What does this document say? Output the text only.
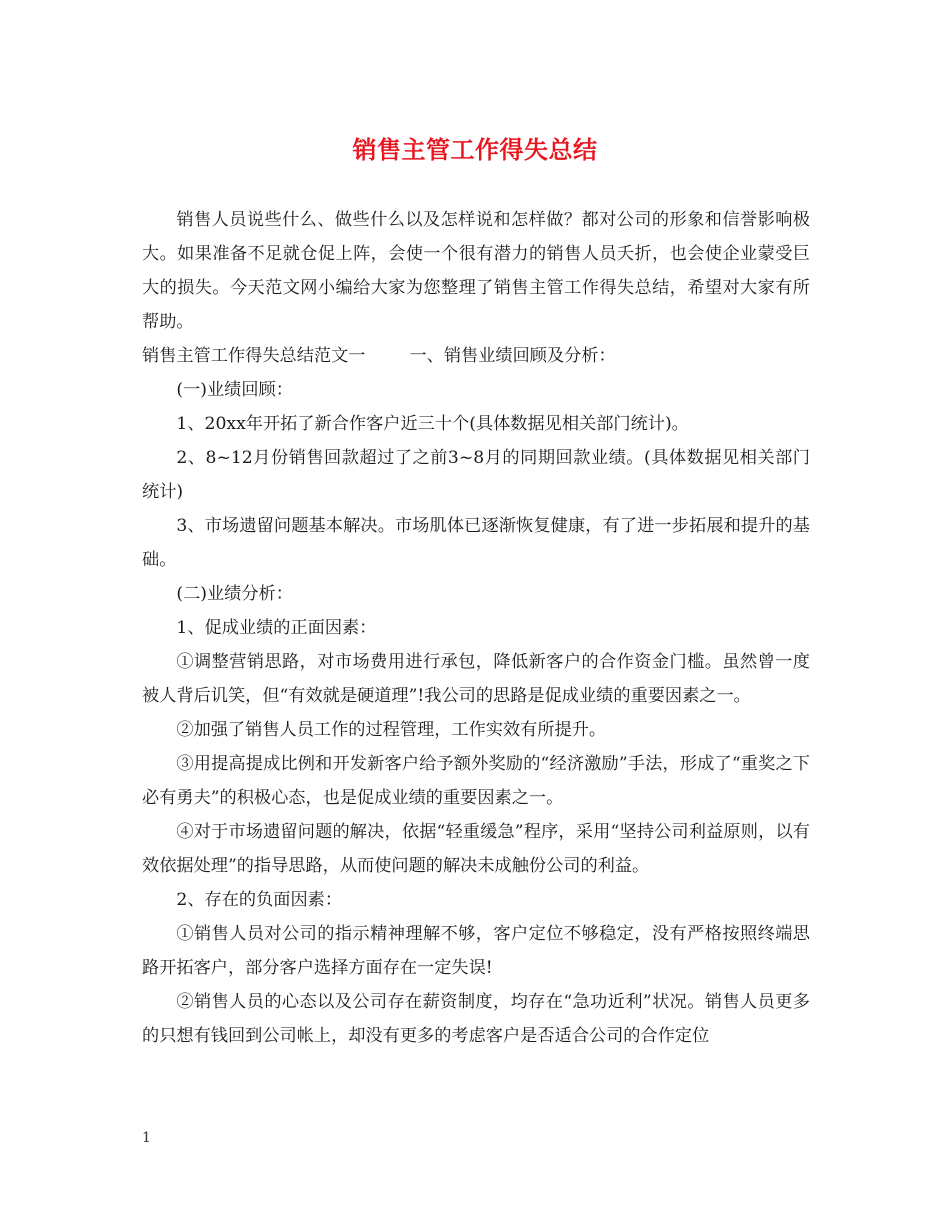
销售主管工作得失总结

销售人员说些什么、做些什么以及怎样说和怎样做？都对公司的形象和信誉影响极大。如果准备不足就仓促上阵，会使一个很有潜力的销售人员夭折，也会使企业蒙受巨大的损失。今天范文网小编给大家为您整理了销售主管工作得失总结，希望对大家有所帮助。

销售主管工作得失总结范文一	一、销售业绩回顾及分析：

(一)业绩回顾：

1、20xx年开拓了新合作客户近三十个(具体数据见相关部门统计)。

2、8~12月份销售回款超过了之前3~8月的同期回款业绩。(具体数据见相关部门统计)

3、市场遗留问题基本解决。市场肌体已逐渐恢复健康，有了进一步拓展和提升的基础。

(二)业绩分析：

1、促成业绩的正面因素：

①调整营销思路，对市场费用进行承包，降低新客户的合作资金门槛。虽然曾一度被人背后讥笑，但“有效就是硬道理”!我公司的思路是促成业绩的重要因素之一。

②加强了销售人员工作的过程管理，工作实效有所提升。

③用提高提成比例和开发新客户给予额外奖励的“经济激励”手法，形成了“重奖之下必有勇夫”的积极心态，也是促成业绩的重要因素之一。

④对于市场遗留问题的解决，依据“轻重缓急”程序，采用“坚持公司利益原则，以有效依据处理”的指导思路，从而使问题的解决未成触份公司的利益。

2、存在的负面因素：

①销售人员对公司的指示精神理解不够，客户定位不够稳定，没有严格按照终端思路开拓客户，部分客户选择方面存在一定失误!

②销售人员的心态以及公司存在薪资制度，均存在“急功近利”状况。销售人员更多的只想有钱回到公司帐上，却没有更多的考虑客户是否适合公司的合作定位

1
